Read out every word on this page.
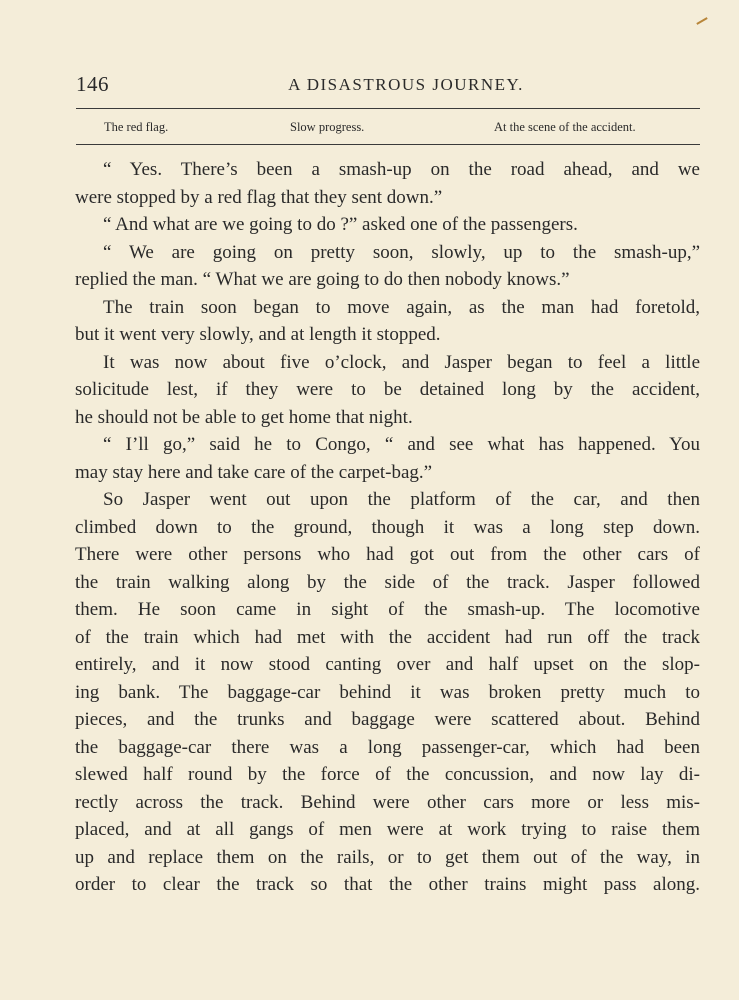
146	A DISASTROUS JOURNEY.
The red flag.	Slow progress.	At the scene of the accident.
“ Yes. There’s been a smash-up on the road ahead, and we
were stopped by a red flag that they sent down.”
“ And what are we going to do ?” asked one of the passengers.
“ We are going on pretty soon, slowly, up to the smash-up,”
replied the man. “ What we are going to do then nobody knows.”
The train soon began to move again, as the man had foretold,
but it went very slowly, and at length it stopped.
It was now about five o’clock, and Jasper began to feel a little
solicitude lest, if they were to be detained long by the accident,
he should not be able to get home that night.
“ I’ll go,” said he to Congo, “ and see what has happened. You
may stay here and take care of the carpet-bag.”
So Jasper went out upon the platform of the car, and then
climbed down to the ground, though it was a long step down.
There were other persons who had got out from the other cars of
the train walking along by the side of the track. Jasper followed
them. He soon came in sight of the smash-up. The locomotive
of the train which had met with the accident had run off the track
entirely, and it now stood canting over and half upset on the slop-
ing bank. The baggage-car behind it was broken pretty much to
pieces, and the trunks and baggage were scattered about. Behind
the baggage-car there was a long passenger-car, which had been
slewed half round by the force of the concussion, and now lay di-
rectly across the track. Behind were other cars more or less mis-
placed, and at all gangs of men were at work trying to raise them
up and replace them on the rails, or to get them out of the way, in
order to clear the track so that the other trains might pass along.
